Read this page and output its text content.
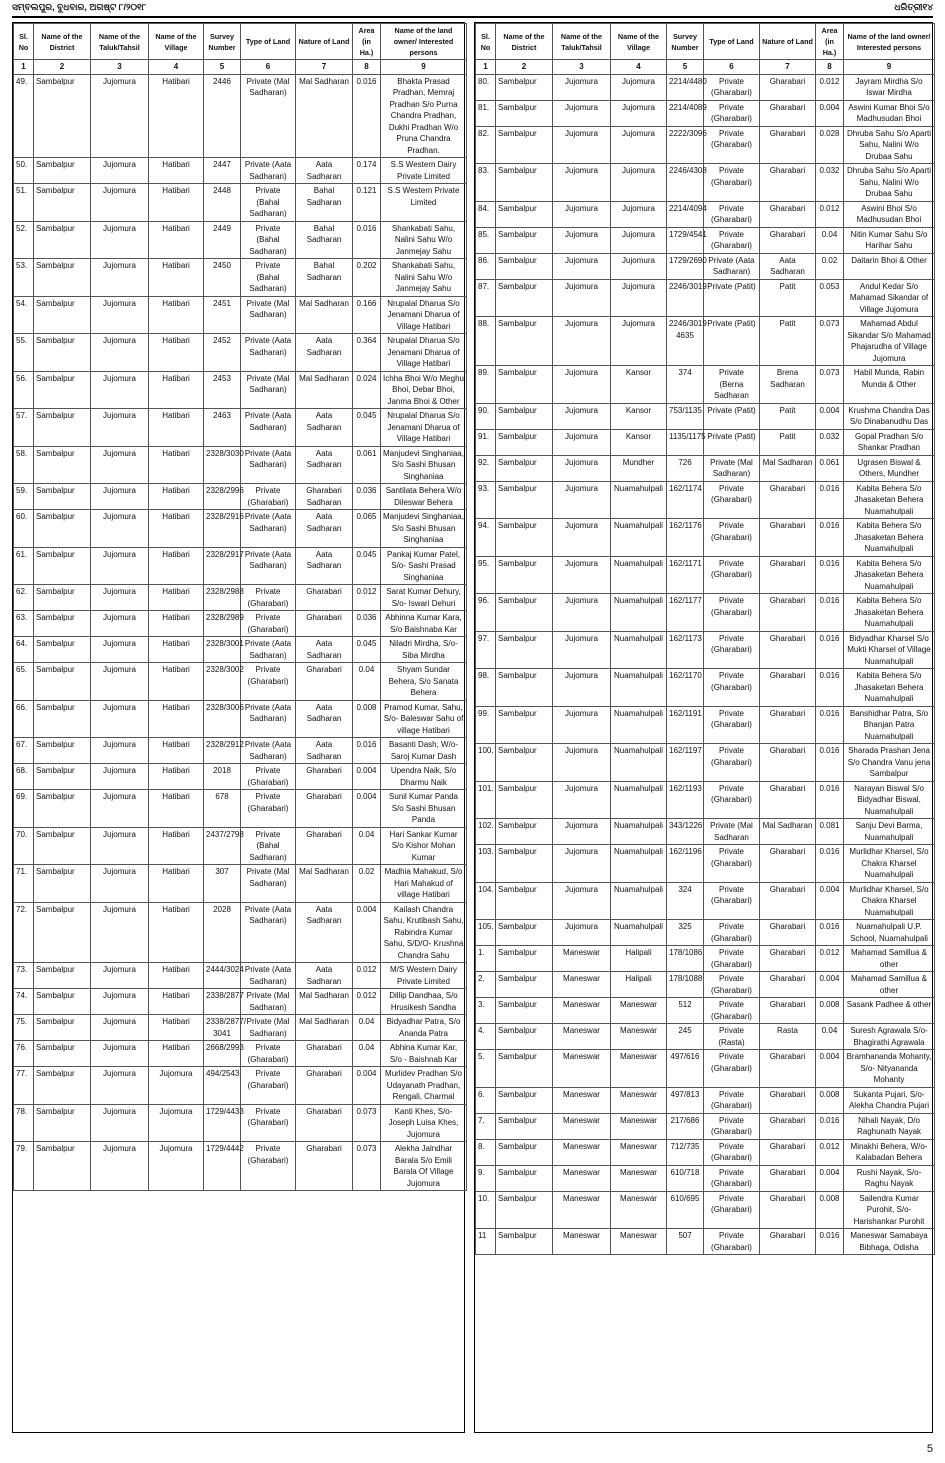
ସମ୍ବଲପୁର, ବୁଧବାର, ଅଗଷ୍ଟ ୮/୨୦୧୮	ଧରିତ୍ରୀ୧୪
Sl. No	Name of the District	Name of the Taluk/Tahsil	Name of the Village	Survey Number	Type of Land	Nature of Land	Area (in Ha.)	Name of the land owner/ Interested persons
1	2	3	4	5	6	7	8	9
49.	Sambalpur	Jujomura	Hatibari	2446	Private (Mal Sadharan)	Mal Sadharan	0.016	Bhakta Prasad Pradhan, Memraj Pradhan S/o Purna Chandra Pradhan, Dukhi Pradhan W/o Pruna Chandra Pradhan.
50.	Sambalpur	Jujomura	Hatibari	2447	Private (Aata Sadharan)	Aata Sadharan	0.174	S.S Western Dairy Private Limited
51.	Sambalpur	Jujomura	Hatibari	2448	Private (Bahal Sadharan)	Bahal Sadharan	0.121	S.S Western Private Limited
52.	Sambalpur	Jujomura	Hatibari	2449	Private (Bahal Sadharan)	Bahal Sadharan	0.016	Shankabati Sahu, Nalini Sahu W/o Janmejay Sahu
53.	Sambalpur	Jujomura	Hatibari	2450	Private (Bahal Sadharan)	Bahal Sadharan	0.202	Shankabati Sahu, Nalini Sahu W/o Janmejay Sahu
54.	Sambalpur	Jujomura	Hatibari	2451	Private (Mal Sadharan)	Mal Sadharan	0.166	Nrupalal Dharua S/o Jenamani Dharua of Village Hatibari
55.	Sambalpur	Jujomura	Hatibari	2452	Private (Aata Sadharan)	Aata Sadharan	0.364	Nrupalal Dharua S/o Jenamani Dharua of Village Hatibari
56.	Sambalpur	Jujomura	Hatibari	2453	Private (Mal Sadharan)	Mal Sadharan	0.024	Ichha Bhoi W/o Meghu Bhoi, Debar Bhoi, Janma Bhoi & Other
57.	Sambalpur	Jujomura	Hatibari	2463	Private (Aata Sadharan)	Aata Sadharan	0.045	Nrupalal Dharua S/o Jenamani Dharua of Village Hatibari
58.	Sambalpur	Jujomura	Hatibari	2328/3030	Private (Aata Sadharan)	Aata Sadharan	0.061	Manjudevi Singhaniaa, S/o Sashi Bhusan Singhaniaa
59.	Sambalpur	Jujomura	Hatibari	2328/2996	Private (Gharabari)	Gharabari Sadharan	0.036	Santilata Behera W/o Dileswar Behera
60.	Sambalpur	Jujomura	Hatibari	2328/2916	Private (Aata Sadharan)	Aata Sadharan	0.065	Manjudevi Singhaniaa, S/o Sashi Bhusan Singhaniaa
61.	Sambalpur	Jujomura	Hatibari	2328/2917	Private (Aata Sadharan)	Aata Sadharan	0.045	Pankaj Kumar Patel, S/o- Sashi Prasad Singhaniaa
62.	Sambalpur	Jujomura	Hatibari	2328/2988	Private (Gharabari)	Gharabari	0.012	Sarat Kumar Dehury, S/o- Iswari Dehuri
63.	Sambalpur	Jujomura	Hatibari	2328/2989	Private (Gharabari)	Gharabari	0.036	Abhinna Kumar Kara, S/o Baishnaba Kar
64.	Sambalpur	Jujomura	Hatibari	2328/3001	Private (Aata Sadharan)	Aata Sadharan	0.045	Niladri Mirdha, S/o- Siba Mirdha
65.	Sambalpur	Jujomura	Hatibari	2328/3002	Private (Gharabari)	Gharabari	0.04	Shyam Sundar Behera, S/o Sanata Behera
66.	Sambalpur	Jujomura	Hatibari	2328/3006	Private (Aata Sadharan)	Aata Sadharan	0.008	Pramod Kumar, Sahu, S/o- Baleswar Sahu of village Hatibari
67.	Sambalpur	Jujomura	Hatibari	2328/2912	Private (Aata Sadharan)	Aata Sadharan	0.016	Basanti Dash, W/o- Saroj Kumar Dash
68.	Sambalpur	Jujomura	Hatibari	2018	Private (Gharabari)	Gharabari	0.004	Upendra Naik, S/o Dharmu Naik
69.	Sambalpur	Jujomura	Hatibari	678	Private (Gharabari)	Gharabari	0.004	Sunil Kumar Panda S/o Sashi Bhusan Panda
70.	Sambalpur	Jujomura	Hatibari	2437/2798	Private (Bahal Sadharan)	Gharabari	0.04	Hari Sankar Kumar S/o Kishor Mohan Kumar
71.	Sambalpur	Jujomura	Hatibari	307	Private (Mal Sadharan)	Mal Sadharan	0.02	Madhia Mahakud, S/o Hari Mahakud of village Hatibari
72.	Sambalpur	Jujomura	Hatibari	2028	Private (Aata Sadharan)	Aata Sadharan	0.004	Kailash Chandra Sahu, Krutibash Sahu, Rabindra Kumar Sahu, S/D/O- Krushna Chandra Sahu
73.	Sambalpur	Jujomura	Hatibari	2444/3024	Private (Aata Sadharan)	Aata Sadharan	0.012	M/S Western Dairy Private Limited
74.	Sambalpur	Jujomura	Hatibari	2338/2877	Private (Mal Sadharan)	Mal Sadharan	0.012	Dillip Dandhaa, S/o Hrusikesh Sandha
75.	Sambalpur	Jujomura	Hatibari	2338/2877/ 3041	Private (Mal Sadharan)	Mal Sadharan	0.04	Bidyadhar Patra, S/o Ananda Patra
76.	Sambalpur	Jujomura	Hatibari	2668/2993	Private (Gharabari)	Gharabari	0.04	Abhina Kumar Kar, S/o - Baishnab Kar
77.	Sambalpur	Jujomura	Jujomura	494/2543	Private (Gharabari)	Gharabari	0.004	Murlidev Pradhan S/o Udayanath Pradhan, Rengali, Charmal
78.	Sambalpur	Jujomura	Jujomura	1729/4433	Private (Gharabari)	Gharabari	0.073	Kanti Khes, S/o- Joseph Luisa Khes, Jujomura
79.	Sambalpur	Jujomura	Jujomura	1729/4442	Private (Gharabari)	Gharabari	0.073	Alekha Jalndhar Barala S/o Emili Barala Of Village Jujomura
Sl. No	Name of the District	Name of the Taluk/Tahsil	Name of the Village	Survey Number	Type of Land	Nature of Land	Area (in Ha.)	Name of the land owner/ Interested persons
1	2	3	4	5	6	7	8	9
80.	Sambalpur	Jujomura	Jujomura	2214/4480	Private (Gharabari)	Gharabari	0.012	Jayram Mirdha S/o Iswar Mirdha
81.	Sambalpur	Jujomura	Jujomura	2214/4089	Private (Gharabari)	Gharabari	0.004	Aswini Kumar Bhoi S/o Madhusudan Bhoi
82.	Sambalpur	Jujomura	Jujomura	2222/3096	Private (Gharabari)	Gharabari	0.028	Dhruba Sahu S/o Aparti Sahu, Nalini W/o Drubaa Sahu
83.	Sambalpur	Jujomura	Jujomura	2246/4308	Private (Gharabari)	Gharabari	0.032	Dhruba Sahu S/o Aparti Sahu, Nalini W/o Drubaa Sahu
84.	Sambalpur	Jujomura	Jujomura	2214/4094	Private (Gharabari)	Gharabari	0.012	Aswini Bhoi S/o Madhusudan Bhoi
85.	Sambalpur	Jujomura	Jujomura	1729/4541	Private (Gharabari)	Gharabari	0.04	Nitin Kumar Sahu S/o Harihar Sahu
86.	Sambalpur	Jujomura	Jujomura	1729/2690	Private (Aata Sadharan)	Aata Sadharan	0.02	Daitarin Bhoi & Other
87.	Sambalpur	Jujomura	Jujomura	2246/3019	Private (Patit)	Patit	0.053	Andul Kedar S/o Mahamad Sikandar of Village Jujomura
88.	Sambalpur	Jujomura	Jujomura	2246/3019 4635	Private (Patit)	Patit	0.073	Mahamad Abdul Sikandar S/o Mahamad Phajarudha of Village Jujomura
89.	Sambalpur	Jujomura	Kansor	374	Private (Berna Sadharan	Brena Sadharan	0.073	Habil Munda, Rabin Munda & Other
90.	Sambalpur	Jujomura	Kansor	753/1135	Private (Patit)	Patit	0.004	Krushma Chandra Das S/o Dinabanudhu Das
91.	Sambalpur	Jujomura	Kansor	1135/1175	Private (Patit)	Patit	0.032	Gopal Pradhan S/o Shankar Pradhan
92.	Sambalpur	Jujomura	Mundher	726	Private (Mal Sadharan)	Mal Sadharan	0.061	Ugrasen Biswal & Others, Mundher
93.	Sambalpur	Jujomura	Nuamahulpali	162/1174	Private (Gharabari)	Gharabari	0.016	Kabita Behera S/o Jhasaketan Behera Nuamahulpali
94.	Sambalpur	Jujomura	Nuamahulpali	162/1176	Private (Gharabari)	Gharabari	0.016	Kabita Behera S/o Jhasaketan Behera Nuamahulpali
95.	Sambalpur	Jujomura	Nuamahulpali	162/1171	Private (Gharabari)	Gharabari	0.016	Kabita Behera S/o Jhasaketan Behera Nuamahulpali
96.	Sambalpur	Jujomura	Nuamahulpali	162/1177	Private (Gharabari)	Gharabari	0.016	Kabita Behera S/o Jhasaketan Behera Nuamahulpali
97.	Sambalpur	Jujomura	Nuamahulpali	162/1173	Private (Gharabari)	Gharabari	0.016	Bidyadhar Kharsel S/o Mukti Kharsel of Village Nuamahulpali
98.	Sambalpur	Jujomura	Nuamahulpali	162/1170	Private (Gharabari)	Gharabari	0.016	Kabita Behera S/o Jhasaketan Behera Nuamahulpali
99.	Sambalpur	Jujomura	Nuamahulpali	162/1191	Private (Gharabari)	Gharabari	0.016	Banshidhar Patra, S/o Bhanjan Patra Nuamahulpali
100.	Sambalpur	Jujomura	Nuamahulpali	162/1197	Private (Gharabari)	Gharabari	0.016	Sharada Prashan Jena S/o Chandra Vanu jena Sambalpur
101.	Sambalpur	Jujomura	Nuamahulpali	162/1193	Private (Gharabari)	Gharabari	0.016	Narayan Biswal S/o Bidyadhar Biswal, Nuamahulpali
102.	Sambalpur	Jujomura	Nuamahulpali	343/1226	Private (Mal Sadharan	Mal Sadharan	0.081	Sanju Devi Barma, Nuamahulpali
103.	Sambalpur	Jujomura	Nuamahulpali	162/1196	Private (Gharabari)	Gharabari	0.016	Murlidhar Kharsel, S/o Chakra Kharsel Nuamahulpali
104.	Sambalpur	Jujomura	Nuamahulpali	324	Private (Gharabari)	Gharabari	0.004	Murlidhar Kharsel, S/o Chakra Kharsel Nuamahulpali
105.	Sambalpur	Jujomura	Nuamahulpali	325	Private (Gharabari)	Gharabari	0.016	Nuamahulpali U.P. School, Nuamahulpali
1.	Sambalpur	Maneswar	Halipali	178/1086	Private (Gharabari)	Gharabari	0.012	Mahamad Samillua & other
2.	Sambalpur	Maneswar	Halipali	178/1088	Private (Gharabari)	Gharabari	0.004	Mahamad Samillua & other
3.	Sambalpur	Maneswar	Maneswar	512	Private (Gharabari)	Gharabari	0.008	Sasank Padhee & other
4.	Sambalpur	Maneswar	Maneswar	245	Private (Rasta)	Rasta	0.04	Suresh Agrawala S/o- Bhagirathi Agrawala
5.	Sambalpur	Maneswar	Maneswar	497/616	Private (Gharabari)	Gharabari	0.004	Bramhananda Mohanty, S/o- Nityananda Mohanty
6.	Sambalpur	Maneswar	Maneswar	497/813	Private (Gharabari)	Gharabari	0.008	Sukanta Pujari, S/o- Alekha Chandra Pujari
7.	Sambalpur	Maneswar	Maneswar	217/686	Private (Gharabari)	Gharabari	0.016	Nihali Nayak, D/o Raghunath Nayak
8.	Sambalpur	Maneswar	Maneswar	712/735	Private (Gharabari)	Gharabari	0.012	Minakhi Behera, W/o- Kalabadan Behera
9.	Sambalpur	Maneswar	Maneswar	610/718	Private (Gharabari)	Gharabari	0.004	Rushi Nayak, S/o- Raghu Nayak
10.	Sambalpur	Maneswar	Maneswar	610/695	Private (Gharabari)	Gharabari	0.008	Sailendra Kumar Purohit, S/o- Harishankar Purohit
11	Sambalpur	Maneswar	Maneswar	507	Private (Gharabari)	Gharabari	0.016	Maneswar Samabaya Bibhaga, Odisha
5
